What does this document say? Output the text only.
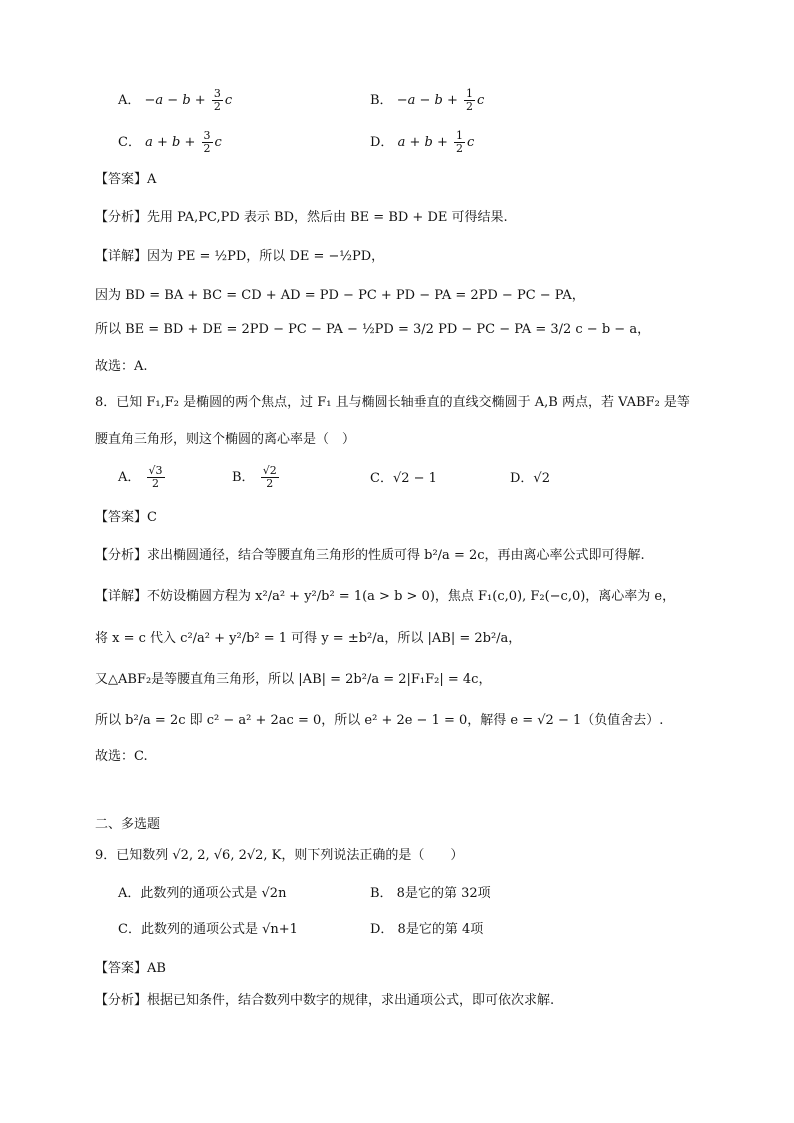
A． $-a - b + \frac{3}{2}$ c	B． $-a - b + \frac{1}{2}$ c
C． $a + b + \frac{3}{2}$ c	D． $a + b + \frac{1}{2}$ c
【答案】A
【分析】先用 PA,PC,PD 表示 BD，然后由 BE = BD + DE 可得结果.
【详解】因为 PE = ½PD，所以 DE = −½PD，
因为 BD = BA + BC = CD + AD = PD − PC + PD − PA = 2PD − PC − PA，
所以 BE = BD + DE = 2PD − PC − PA − ½PD = 3/2 PD − PC − PA = 3/2 c − b − a，
故选：A.
8．已知 F₁,F₂ 是椭圆的两个焦点，过 F₁ 且与椭圆长轴垂直的直线交椭圆于 A,B 两点，若 VABF₂ 是等
腰直角三角形，则这个椭圆的离心率是（　）
A． $\frac{√3}{2}$	B． $\frac{√2}{2}$	C．√2 − 1	D．√2
【答案】C
【分析】求出椭圆通径，结合等腰直角三角形的性质可得 b²/a = 2c，再由离心率公式即可得解.
【详解】不妨设椭圆方程为 x²/a² + y²/b² = 1(a > b > 0)，焦点 F₁(c,0), F₂(−c,0)，离心率为 e，
将 x = c 代入 c²/a² + y²/b² = 1 可得 y = ±b²/a，所以 |AB| = 2b²/a，
又△ABF₂是等腰直角三角形，所以 |AB| = 2b²/a = 2|F₁F₂| = 4c，
所以 b²/a = 2c 即 c² − a² + 2ac = 0，所以 e² + 2e − 1 = 0，解得 e = √2 − 1（负值舍去）.
故选：C.
二、多选题
9．已知数列 √2, 2, √6, 2√2, K，则下列说法正确的是（　　）
A．此数列的通项公式是 √2n	B． 8是它的第 32项
C．此数列的通项公式是 √n+1	D． 8是它的第 4项
【答案】AB
【分析】根据已知条件，结合数列中数字的规律，求出通项公式，即可依次求解.
